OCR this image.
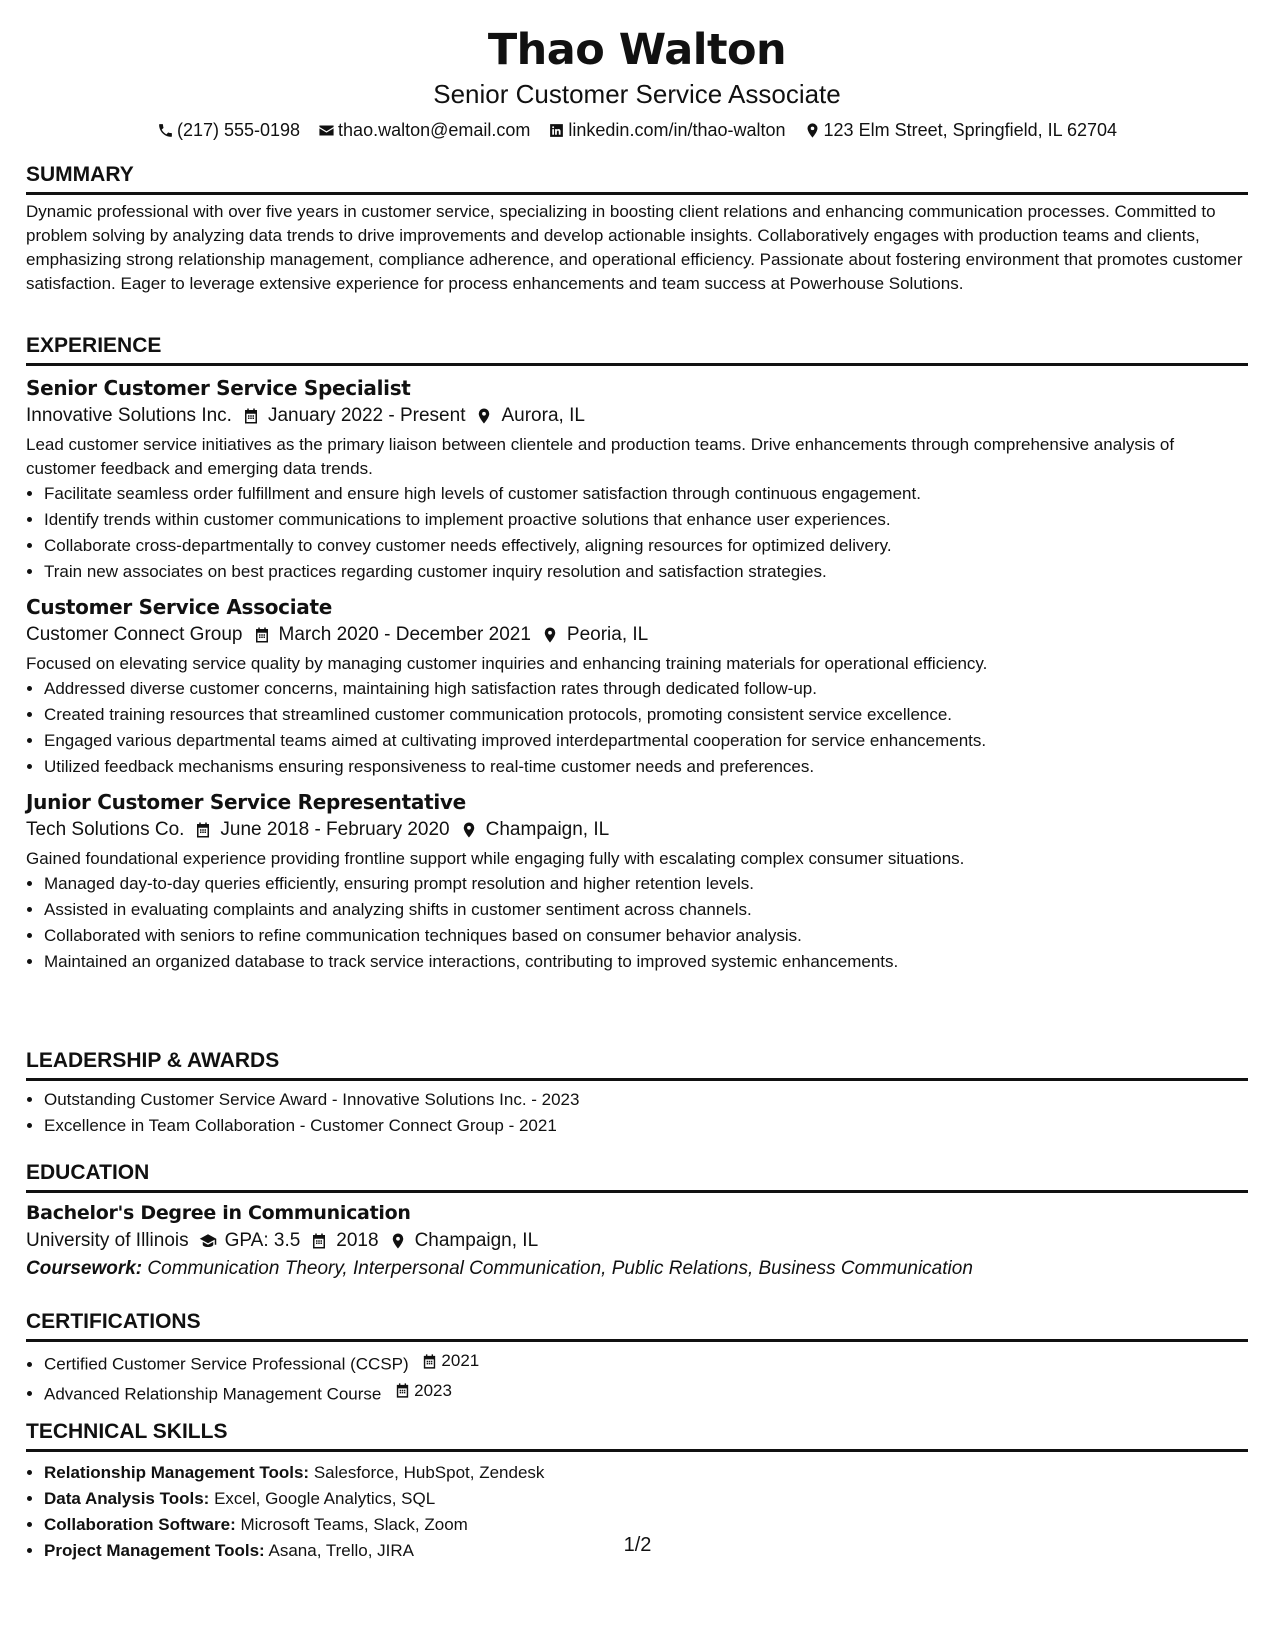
Thao Walton
Senior Customer Service Associate
(217) 555-0198 thao.walton@email.com linkedin.com/in/thao-walton 123 Elm Street, Springfield, IL 62704
SUMMARY

Dynamic professional with over five years in customer service, specializing in boosting client relations and enhancing communication processes. Committed to problem solving by analyzing data trends to drive improvements and develop actionable insights. Collaboratively engages with production teams and clients, emphasizing strong relationship management, compliance adherence, and operational efficiency. Passionate about fostering environment that promotes customer satisfaction. Eager to leverage extensive experience for process enhancements and team success at Powerhouse Solutions.

EXPERIENCE
Senior Customer Service Specialist
Innovative Solutions Inc. January 2022 - Present Aurora, IL

Lead customer service initiatives as the primary liaison between clientele and production teams. Drive enhancements through comprehensive analysis of customer feedback and emerging data trends.

• Facilitate seamless order fulfillment and ensure high levels of customer satisfaction through continuous engagement.
• Identify trends within customer communications to implement proactive solutions that enhance user experiences.
• Collaborate cross-departmentally to convey customer needs effectively, aligning resources for optimized delivery.
• Train new associates on best practices regarding customer inquiry resolution and satisfaction strategies.
Customer Service Associate
Customer Connect Group March 2020 - December 2021 Peoria, IL

Focused on elevating service quality by managing customer inquiries and enhancing training materials for operational efficiency.

• Addressed diverse customer concerns, maintaining high satisfaction rates through dedicated follow-up.
• Created training resources that streamlined customer communication protocols, promoting consistent service excellence.
• Engaged various departmental teams aimed at cultivating improved interdepartmental cooperation for service enhancements.
• Utilized feedback mechanisms ensuring responsiveness to real-time customer needs and preferences.
Junior Customer Service Representative
Tech Solutions Co. June 2018 - February 2020 Champaign, IL

Gained foundational experience providing frontline support while engaging fully with escalating complex consumer situations.

• Managed day-to-day queries efficiently, ensuring prompt resolution and higher retention levels.
• Assisted in evaluating complaints and analyzing shifts in customer sentiment across channels.
• Collaborated with seniors to refine communication techniques based on consumer behavior analysis.
• Maintained an organized database to track service interactions, contributing to improved systemic enhancements.
LEADERSHIP & AWARDS
• Outstanding Customer Service Award - Innovative Solutions Inc. - 2023
• Excellence in Team Collaboration - Customer Connect Group - 2021
EDUCATION
Bachelor's Degree in Communication
University of Illinois GPA: 3.5 2018 Champaign, IL
Coursework: Communication Theory, Interpersonal Communication, Public Relations, Business Communication
CERTIFICATIONS
• Certified Customer Service Professional (CCSP) 2021
• Advanced Relationship Management Course 2023
TECHNICAL SKILLS
• Relationship Management Tools: Salesforce, HubSpot, Zendesk
• Data Analysis Tools: Excel, Google Analytics, SQL
• Collaboration Software: Microsoft Teams, Slack, Zoom
• Project Management Tools: Asana, Trello, JIRA	1/2
